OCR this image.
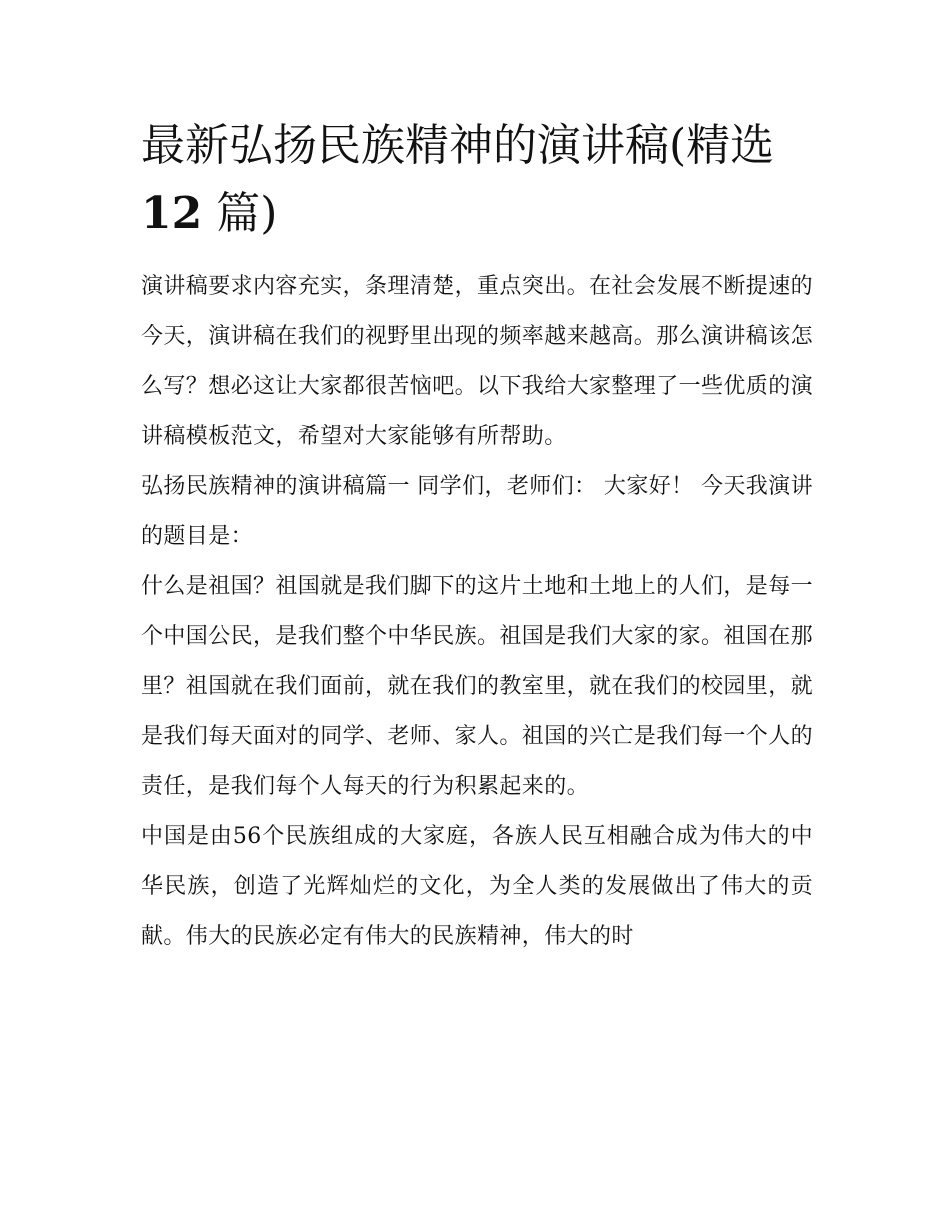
最新弘扬民族精神的演讲稿(精选 12 篇)

演讲稿要求内容充实，条理清楚，重点突出。在社会发展不断提速的今天，演讲稿在我们的视野里出现的频率越来越高。那么演讲稿该怎么写？想必这让大家都很苦恼吧。以下我给大家整理了一些优质的演讲稿模板范文，希望对大家能够有所帮助。

弘扬民族精神的演讲稿篇一 同学们，老师们： 大家好！ 今天我演讲的题目是：

什么是祖国？祖国就是我们脚下的这片土地和土地上的人们，是每一个中国公民，是我们整个中华民族。祖国是我们大家的家。祖国在那里？祖国就在我们面前，就在我们的教室里，就在我们的校园里，就是我们每天面对的同学、老师、家人。祖国的兴亡是我们每一个人的责任，是我们每个人每天的行为积累起来的。

中国是由56个民族组成的大家庭，各族人民互相融合成为伟大的中华民族，创造了光辉灿烂的文化，为全人类的发展做出了伟大的贡献。伟大的民族必定有伟大的民族精神，伟大的时
